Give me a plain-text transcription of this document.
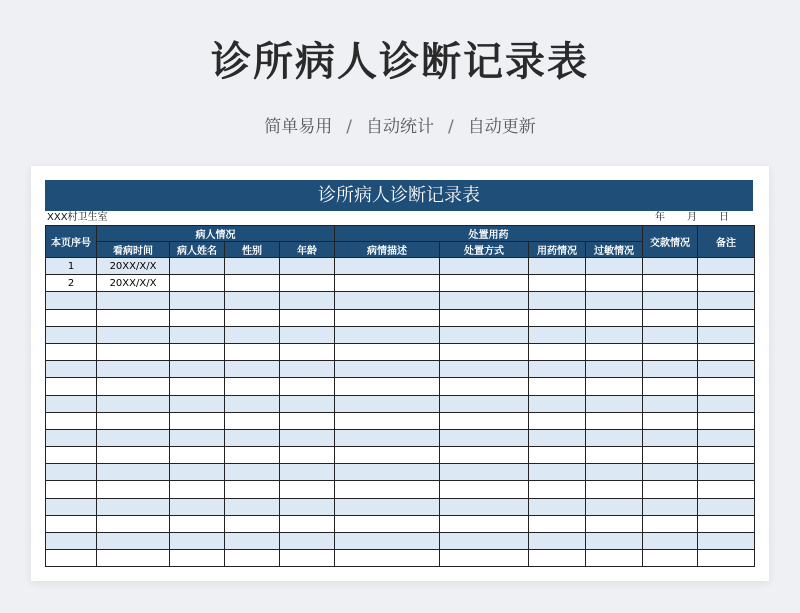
诊所病人诊断记录表
简单易用 / 自动统计 / 自动更新
诊所病人诊断记录表
XXX村卫生室	年 月 日
本页序号	病人情况				处置用药				交款情况	备注
	看病时间	病人姓名	性别	年龄	病情描述	处置方式	用药情况	过敏情况		
1	20XX/X/X									
2	20XX/X/X									
